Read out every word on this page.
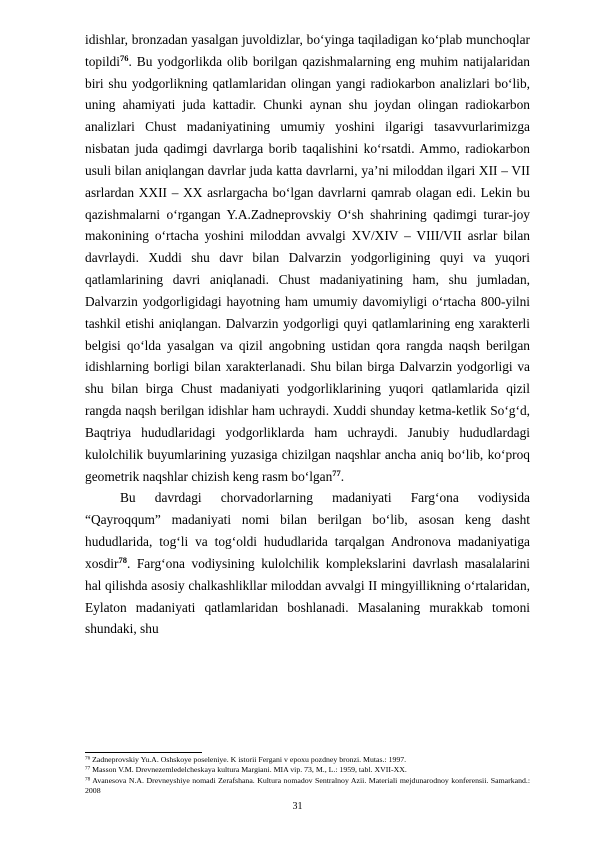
idishlar, bronzadan yasalgan juvoldizlar, bo‘yinga taqiladigan ko‘plab munchoqlar topildi$^{76}$. Bu yodgorlikda olib borilgan qazishmalarning eng muhim natijalaridan biri shu yodgorlikning qatlamlaridan olingan yangi radiokarbon analizlari bo‘lib, uning ahamiyati juda kattadir. Chunki aynan shu joydan olingan radiokarbon analizlari Chust madaniyatining umumiy yoshini ilgarigi tasavvurlarimizga nisbatan juda qadimgi davrlarga borib taqalishini ko‘rsatdi. Ammo, radiokarbon usuli bilan aniqlangan davrlar juda katta davrlarni, ya’ni miloddan ilgari XII – VII asrlardan XXII – XX asrlargacha bo‘lgan davrlarni qamrab olagan edi. Lekin bu qazishmalarni o‘rgangan Y.A.Zadneprovskiy O‘sh shahrining qadimgi turar-joy makonining o‘rtacha yoshini miloddan avvalgi XV/XIV – VIII/VII asrlar bilan davrlaydi. Xuddi shu davr bilan Dalvarzin yodgorligining quyi va yuqori qatlamlarining davri aniqlanadi. Chust madaniyatining ham, shu jumladan, Dalvarzin yodgorligidagi hayotning ham umumiy davomiyligi o‘rtacha 800-yilni tashkil etishi aniqlangan. Dalvarzin yodgorligi quyi qatlamlarining eng xarakterli belgisi qo‘lda yasalgan va qizil angobning ustidan qora rangda naqsh berilgan idishlarning borligi bilan xarakterlanadi. Shu bilan birga Dalvarzin yodgorligi va shu bilan birga Chust madaniyati yodgorliklarining yuqori qatlamlarida qizil rangda naqsh berilgan idishlar ham uchraydi. Xuddi shunday ketma-ketlik So‘g‘d, Baqtriya hududlaridagi yodgorliklarda ham uchraydi. Janubiy hududlardagi kulolchilik buyumlarining yuzasiga chizilgan naqshlar ancha aniq bo‘lib, ko‘proq geometrik naqshlar chizish keng rasm bo‘lgan$^{77}$.

Bu davrdagi chorvadorlarning madaniyati Farg‘ona vodiysida “Qayroqqum” madaniyati nomi bilan berilgan bo‘lib, asosan keng dasht hududlarida, tog‘li va tog‘oldi hududlarida tarqalgan Andronova madaniyatiga xosdir$^{78}$. Farg‘ona vodiysining kulolchilik komplekslarini davrlash masalalarini hal qilishda asosiy chalkashlikllar miloddan avvalgi II mingyillikning o‘rtalaridan, Eylaton madaniyati qatlamlaridan boshlanadi. Masalaning murakkab tomoni shundaki, shu

$^{76}$ Zadneprovskiy Yu.A. Oshskoye poseleniye. K istorii Fergani v epoxu pozdney bronzi. Mutas.: 1997.

$^{77}$ Masson V.M. Drevnezemledelcheskaya kultura Margiani. MIA vip. 73, M., L.: 1959, tabl. XVII-XX.

$^{78}$ Avanesova N.A. Drevneyshiye nomadi Zerafshana. Kultura nomadov Sentralnoy Azii. Materiali mejdunarodnoy konferensii. Samarkand.: 2008

31
